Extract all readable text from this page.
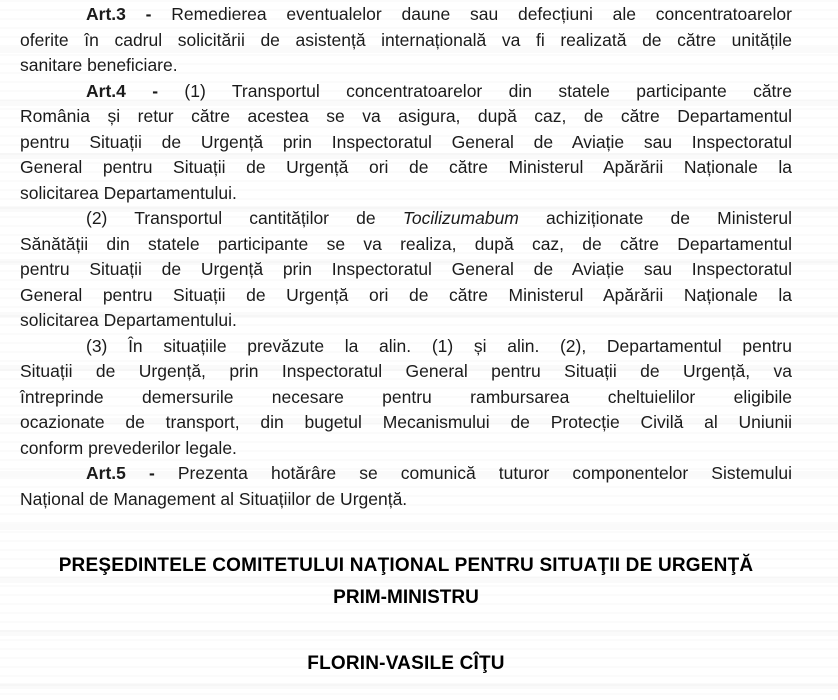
Art.3 - Remedierea eventualelor daune sau defecțiuni ale concentratoarelor

oferite în cadrul solicitării de asistență internațională va fi realizată de către unitățile

sanitare beneficiare.

Art.4 - (1) Transportul concentratoarelor din statele participante către

România și retur către acestea se va asigura, după caz, de către Departamentul

pentru Situații de Urgență prin Inspectoratul General de Aviație sau Inspectoratul

General pentru Situații de Urgență ori de către Ministerul Apărării Naționale la

solicitarea Departamentului.

(2) Transportul cantităților de Tocilizumabum achiziționate de Ministerul

Sănătății din statele participante se va realiza, după caz, de către Departamentul

pentru Situații de Urgență prin Inspectoratul General de Aviație sau Inspectoratul

General pentru Situații de Urgență ori de către Ministerul Apărării Naționale la

solicitarea Departamentului.

(3) În situațiile prevăzute la alin. (1) și alin. (2), Departamentul pentru

Situații de Urgență, prin Inspectoratul General pentru Situații de Urgență, va

întreprinde demersurile necesare pentru rambursarea cheltuielilor eligibile

ocazionate de transport, din bugetul Mecanismului de Protecție Civilă al Uniunii

conform prevederilor legale.

Art.5 - Prezenta hotărâre se comunică tuturor componentelor Sistemului

Național de Management al Situațiilor de Urgență.

PREŞEDINTELE COMITETULUI NAŢIONAL PENTRU SITUAŢII DE URGENŢĂ
PRIM-MINISTRU
FLORIN-VASILE CÎŢU
